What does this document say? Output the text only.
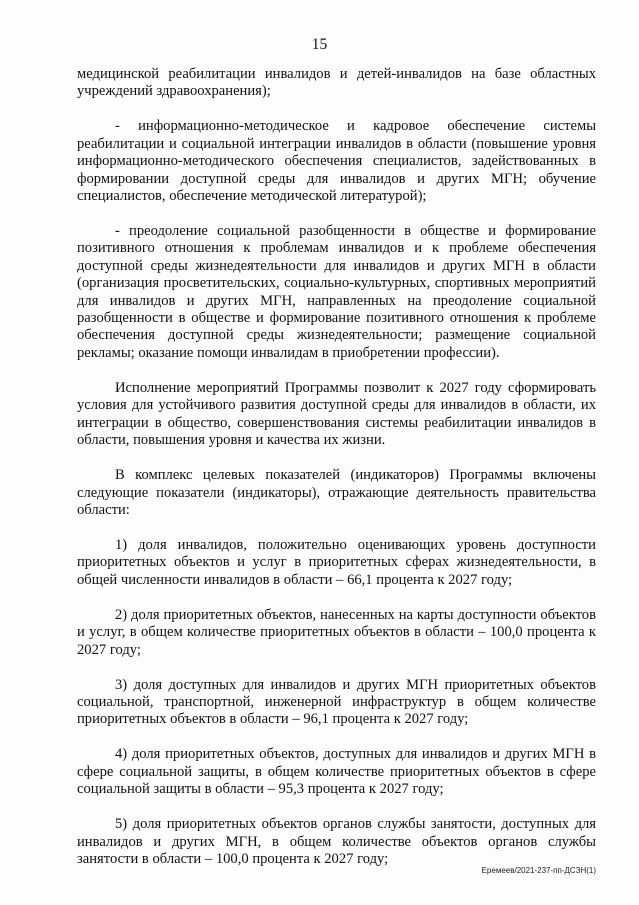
15

медицинской реабилитации инвалидов и детей-инвалидов на базе областных учреждений здравоохранения);

- информационно-методическое и кадровое обеспечение системы реабилитации и социальной интеграции инвалидов в области (повышение уровня информационно-методического обеспечения специалистов, задействованных в формировании доступной среды для инвалидов и других МГН; обучение специалистов, обеспечение методической литературой);

- преодоление социальной разобщенности в обществе и формирование позитивного отношения к проблемам инвалидов и к проблеме обеспечения доступной среды жизнедеятельности для инвалидов и других МГН в области (организация просветительских, социально-культурных, спортивных мероприятий для инвалидов и других МГН, направленных на преодоление социальной разобщенности в обществе и формирование позитивного отношения к проблеме обеспечения доступной среды жизнедеятельности; размещение социальной рекламы; оказание помощи инвалидам в приобретении профессии).

Исполнение мероприятий Программы позволит к 2027 году сформировать условия для устойчивого развития доступной среды для инвалидов в области, их интеграции в общество, совершенствования системы реабилитации инвалидов в области, повышения уровня и качества их жизни.

В комплекс целевых показателей (индикаторов) Программы включены следующие показатели (индикаторы), отражающие деятельность правительства области:

1) доля инвалидов, положительно оценивающих уровень доступности приоритетных объектов и услуг в приоритетных сферах жизнедеятельности, в общей численности инвалидов в области – 66,1 процента к 2027 году;

2) доля приоритетных объектов, нанесенных на карты доступности объектов и услуг, в общем количестве приоритетных объектов в области – 100,0 процента к 2027 году;

3) доля доступных для инвалидов и других МГН приоритетных объектов социальной, транспортной, инженерной инфраструктур в общем количестве приоритетных объектов в области – 96,1 процента к 2027 году;

4) доля приоритетных объектов, доступных для инвалидов и других МГН в сфере социальной защиты, в общем количестве приоритетных объектов в сфере социальной защиты в области – 95,3 процента к 2027 году;

5) доля приоритетных объектов органов службы занятости, доступных для инвалидов и других МГН, в общем количестве объектов органов службы занятости в области – 100,0 процента к 2027 году;

Еремеев/2021-237-пп-ДСЗН(1)
